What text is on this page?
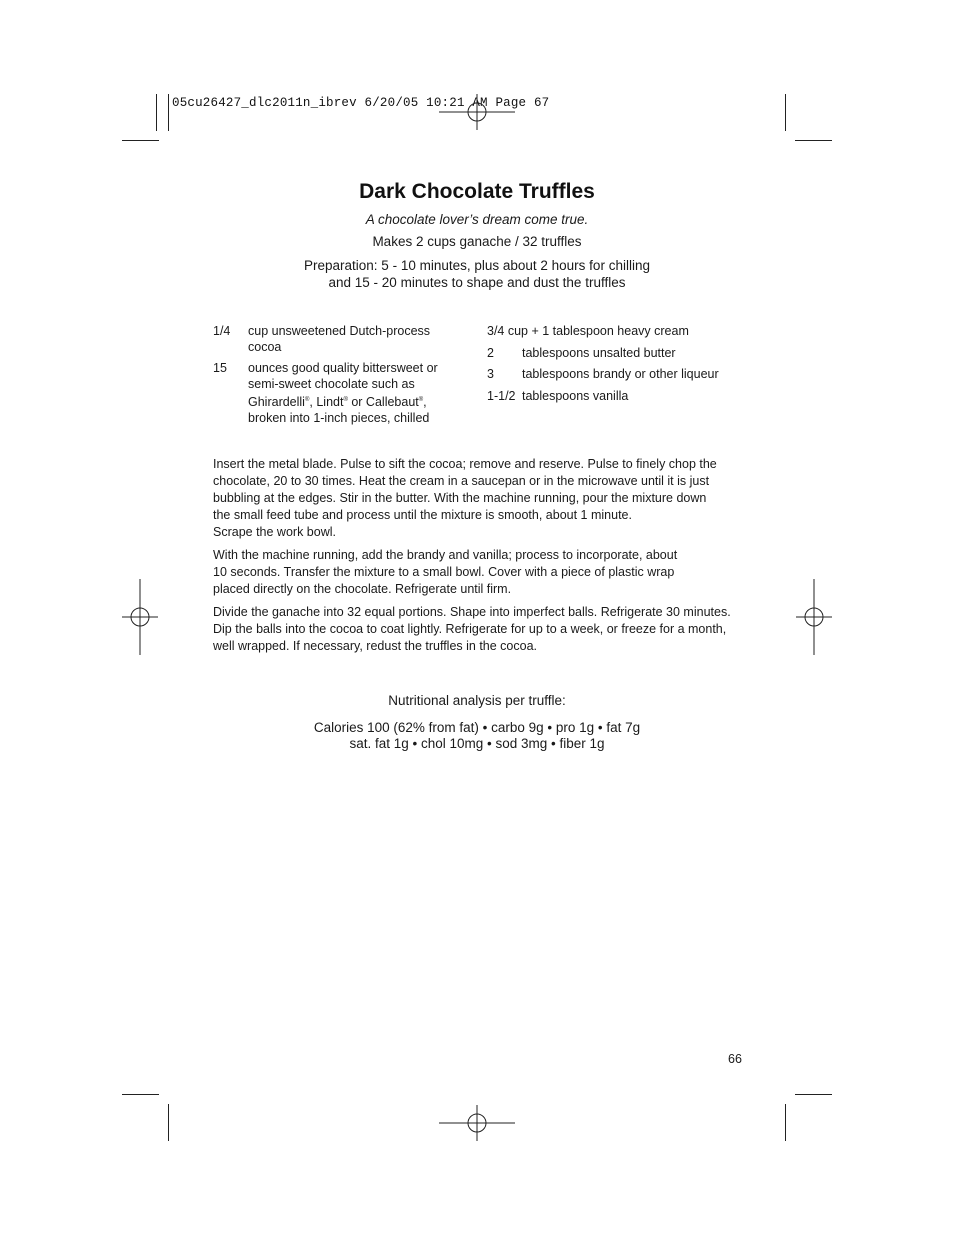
05cu26427_dlc2011n_ibrev 6/20/05 10:21 AM Page 67
Dark Chocolate Truffles
A chocolate lover’s dream come true.
Makes 2 cups ganache / 32 truffles
Preparation: 5 - 10 minutes, plus about 2 hours for chilling
and 15 - 20 minutes to shape and dust the truffles
1/4	cup unsweetened Dutch-process cocoa
15	ounces good quality bittersweet or semi-sweet chocolate such as Ghirardelli®, Lindt® or Callebaut®, broken into 1-inch pieces, chilled
3/4 cup + 1 tablespoon heavy cream
2	tablespoons unsalted butter
3	tablespoons brandy or other liqueur
1-1/2 tablespoons vanilla
Insert the metal blade. Pulse to sift the cocoa; remove and reserve. Pulse to finely chop the
chocolate, 20 to 30 times. Heat the cream in a saucepan or in the microwave until it is just
bubbling at the edges. Stir in the butter. With the machine running, pour the mixture down
the small feed tube and process until the mixture is smooth, about 1 minute.
Scrape the work bowl.
With the machine running, add the brandy and vanilla; process to incorporate, about
10 seconds. Transfer the mixture to a small bowl. Cover with a piece of plastic wrap
placed directly on the chocolate. Refrigerate until firm.
Divide the ganache into 32 equal portions. Shape into imperfect balls. Refrigerate 30 minutes.
Dip the balls into the cocoa to coat lightly. Refrigerate for up to a week, or freeze for a month,
well wrapped. If necessary, redust the truffles in the cocoa.
Nutritional analysis per truffle:
Calories 100 (62% from fat) • carbo 9g • pro 1g • fat 7g
sat. fat 1g • chol 10mg • sod 3mg • fiber 1g
66
